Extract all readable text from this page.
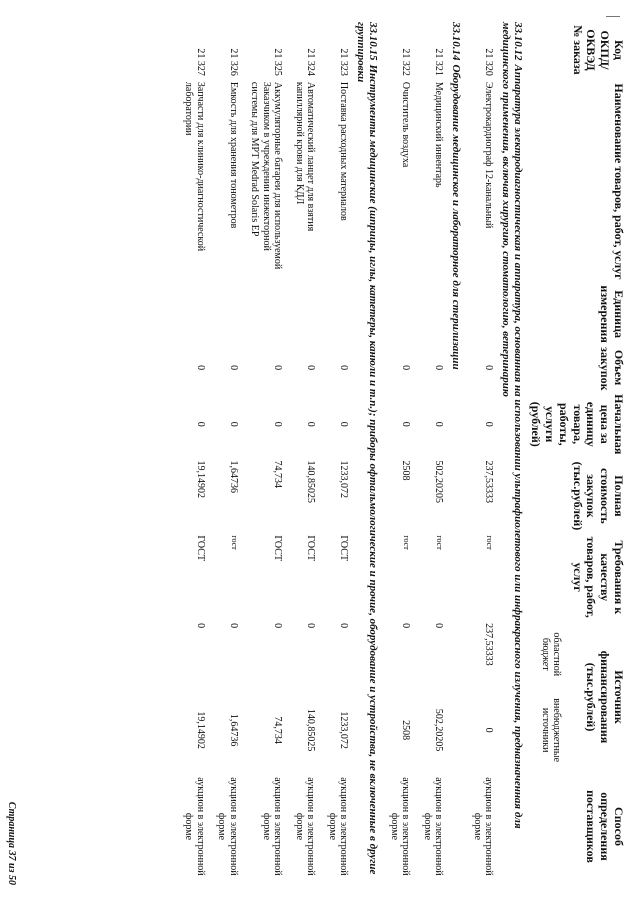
Код ОКПД/ ОКВЭД № заказа	Наименование товаров, работ, услуг	Единица измерения	Объем закупок	Начальная цена за единицу товара, работы, услуги (рублей)	Полная стоимость закупок (тыс.рублей)	Требования к качеству товаров, работ, услуг	Источник финансирования (тыс.рублей)		Способ определения поставщиков
							областной бюджет	внебюджетные источники	
33.10.12Аппаратура электродиагностическая и аппаратура, основанная на использовании ультрафиолетового или инфракрасного излучения, предназначенная для медицинского применения, включая хирургию, стоматологию, ветеринарию									
21 320	Электрокардиограф 12-канальный		0	0	237,53333	гост	237,53333	0	аукцион в электронной форме
33.10.14Оборудование медицинское и лабораторное для стерилизации									
21 321	Медицинский инвентарь		0	0	502,20205	гост	0	502,20205	аукцион в электронной форме
21 322	Очиститель воздуха		0	0	2508	гост	0	2508	аукцион в электронной форме
33.10.15Инструменты медицинские (шприцы, иглы, катетеры, канюли и т.п.); приборы офтальмологические и прочие, оборудование и устройства, не включенные в другие группировки									
21 323	Поставка расходных материалов		0	0	1233,072	ГОСТ	0	1233,072	аукцион в электронной форме
21 324	Автоматический ланцет для взятия капиллярной крови для КДЛ		0	0	140,85025	ГОСТ	0	140,85025	аукцион в электронной форме
21 325	Аккумуляторные батареи для используемой Заказчиком в учреждении инжекторной системы для МРТ Medrad Solaris EP		0	0	74,734	ГОСТ	0	74,734	аукцион в электронной форме
21 326	Емкость для хранения тонометров		0	0	1,64736	гост	0	1,64736	аукцион в электронной форме
21 327	Запчасти для клинико-диагностической лаборатории		0	0	19,14902	ГОСТ	0	19,14902	аукцион в электронной форме
Страница 37 из 50
